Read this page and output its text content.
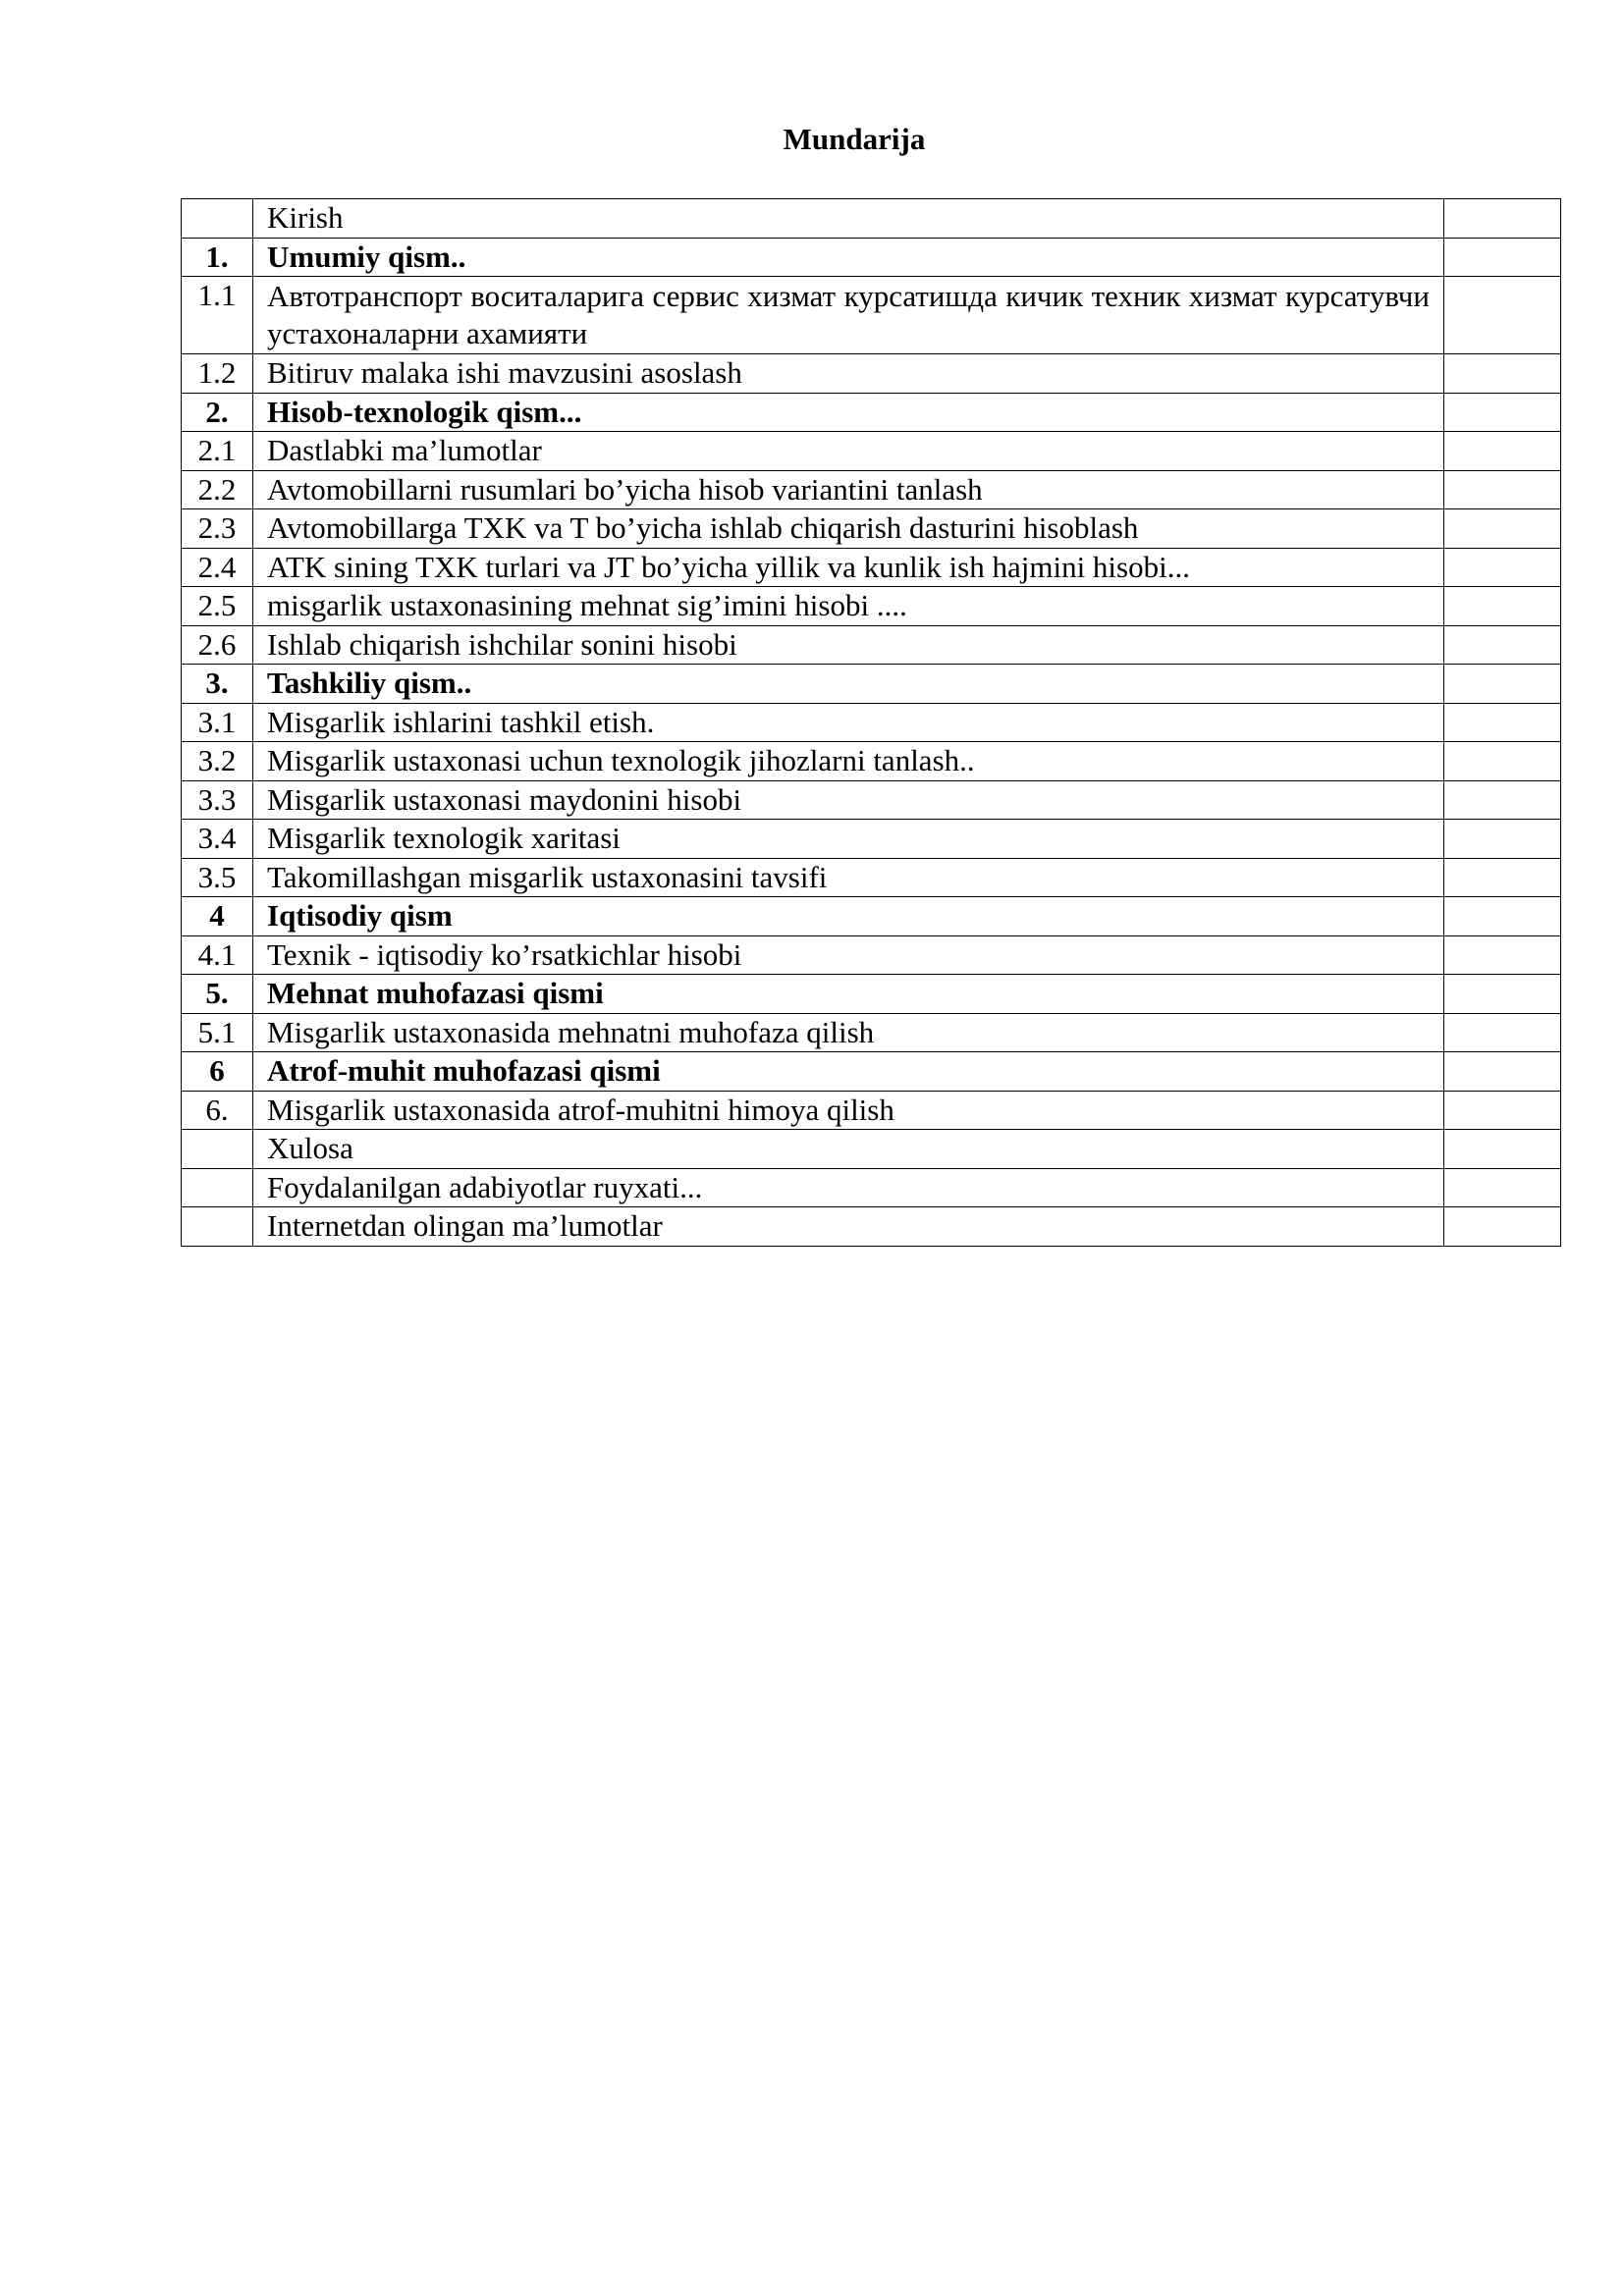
Mundarija
	Kirish	
1.	Umumiy qism..	
1.1	Автотранспорт воситаларига сервис хизмат курсатишда кичик техник хизмат курсатувчи устахоналарни ахамияти	
1.2	Bitiruv malaka ishi mavzusini asoslash	
2.	Hisob-texnologik qism...	
2.1	Dastlabki ma’lumotlar	
2.2	Avtomobillarni rusumlari bo’yicha hisob variantini tanlash	
2.3	Avtomobillarga TXK va T bo’yicha ishlab chiqarish dasturini hisoblash	
2.4	ATK sining TXK turlari va JT bo’yicha yillik va kunlik ish hajmini hisobi...	
2.5	misgarlik ustaxonasining mehnat sig’imini hisobi ....	
2.6	Ishlab chiqarish ishchilar sonini hisobi	
3.	Tashkiliy qism..	
3.1	Misgarlik ishlarini tashkil etish.	
3.2	Misgarlik ustaxonasi uchun texnologik jihozlarni tanlash..	
3.3	Misgarlik ustaxonasi maydonini hisobi	
3.4	Misgarlik texnologik xaritasi	
3.5	Takomillashgan misgarlik ustaxonasini tavsifi	
4	Iqtisodiy qism	
4.1	Texnik - iqtisodiy ko’rsatkichlar hisobi	
5.	Mehnat muhofazasi qismi	
5.1	Misgarlik ustaxonasida mehnatni muhofaza qilish	
6	Atrof-muhit muhofazasi qismi	
6.	Misgarlik ustaxonasida atrof-muhitni himoya qilish	
	Xulosa	
	Foydalanilgan adabiyotlar ruyxati...	
	Internetdan olingan ma’lumotlar	
